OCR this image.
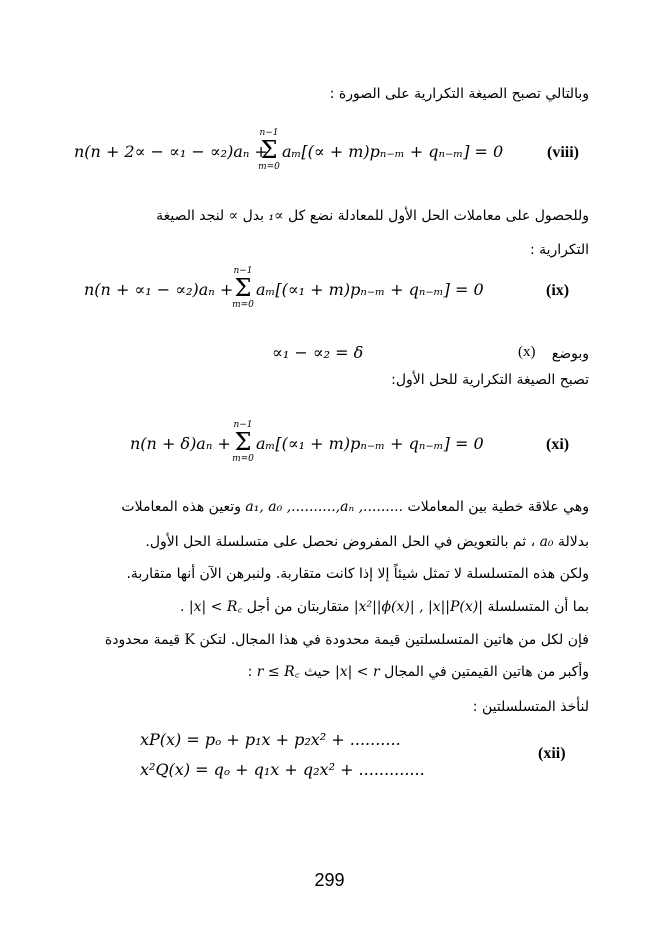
وبالتالي تصبح الصيغة التكرارية على الصورة :
n(n + 2∝ − ∝₁ − ∝₂)aₙ +
n−1
Σ
m=0
aₘ[(∝ + m)pₙ₋ₘ + qₙ₋ₘ] = 0	(viii)
وللحصول على معاملات الحل الأول للمعادلة نضع كل ∝₁ بدل ∝ لنجد الصيغة
التكرارية :
n(n + ∝₁ − ∝₂)aₙ +
n−1
Σ
m=0
aₘ[(∝₁ + m)pₙ₋ₘ + qₙ₋ₘ] = 0	(ix)
∝₁ − ∝₂ = δ	(x) وبوضع
تصبح الصيغة التكرارية للحل الأول:
n(n + δ)aₙ +
n−1
Σ
m=0
aₘ[(∝₁ + m)pₙ₋ₘ + qₙ₋ₘ] = 0	(xi)
وهي علاقة خطية بين المعاملات a₁, a₀ ,..........,aₙ ,......... وتعين هذه المعاملات
بدلالة a₀ ، ثم بالتعويض في الحل المفروض نحصل على متسلسلة الحل الأول.
ولكن هذه المتسلسلة لا تمثل شيئاً إلا إذا كانت متقاربة. ولنبرهن الآن أنها متقاربة.
بما أن المتسلسلة |x||P(x)| , |x²||ϕ(x)| متقاربتان من أجل |x| < R꜀ .
فإن لكل من هاتين المتسلسلتين قيمة محدودة في هذا المجال. لتكن K قيمة محدودة
وأكبر من هاتين القيمتين في المجال |x| < r حيث r ≤ R꜀ :
لنأخذ المتسلسلتين :
xP(x) = pₒ + p₁x + p₂x² + ..........
x²Q(x) = qₒ + q₁x + q₂x² + .............
(xii)
299
